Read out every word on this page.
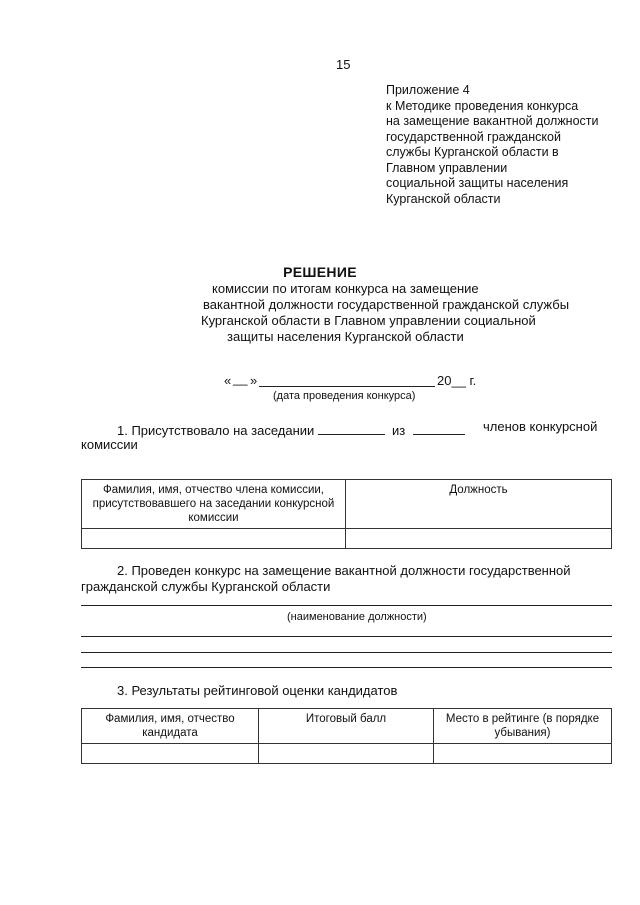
15
Приложение 4
к Методике проведения конкурса
на замещение вакантной должности
государственной гражданской
службы Курганской области в
Главном управлении
социальной защиты населения
Курганской области
РЕШЕНИЕ
комиссии по итогам конкурса на замещение
вакантной должности государственной гражданской службы
Курганской области в Главном управлении социальной
защиты населения Курганской области
« __ »	20__ г.
(дата проведения конкурса)
1. Присутствовало на заседании	из	членов конкурсной
комиссии
Фамилия, имя, отчество члена комиссии, присутствовавшего на заседании конкурсной комиссии	Должность

2. Проведен конкурс на замещение вакантной должности государственной
гражданской службы Курганской области
(наименование должности)
3. Результаты рейтинговой оценки кандидатов
Фамилия, имя, отчество кандидата	Итоговый балл	Место в рейтинге (в порядке убывания)
